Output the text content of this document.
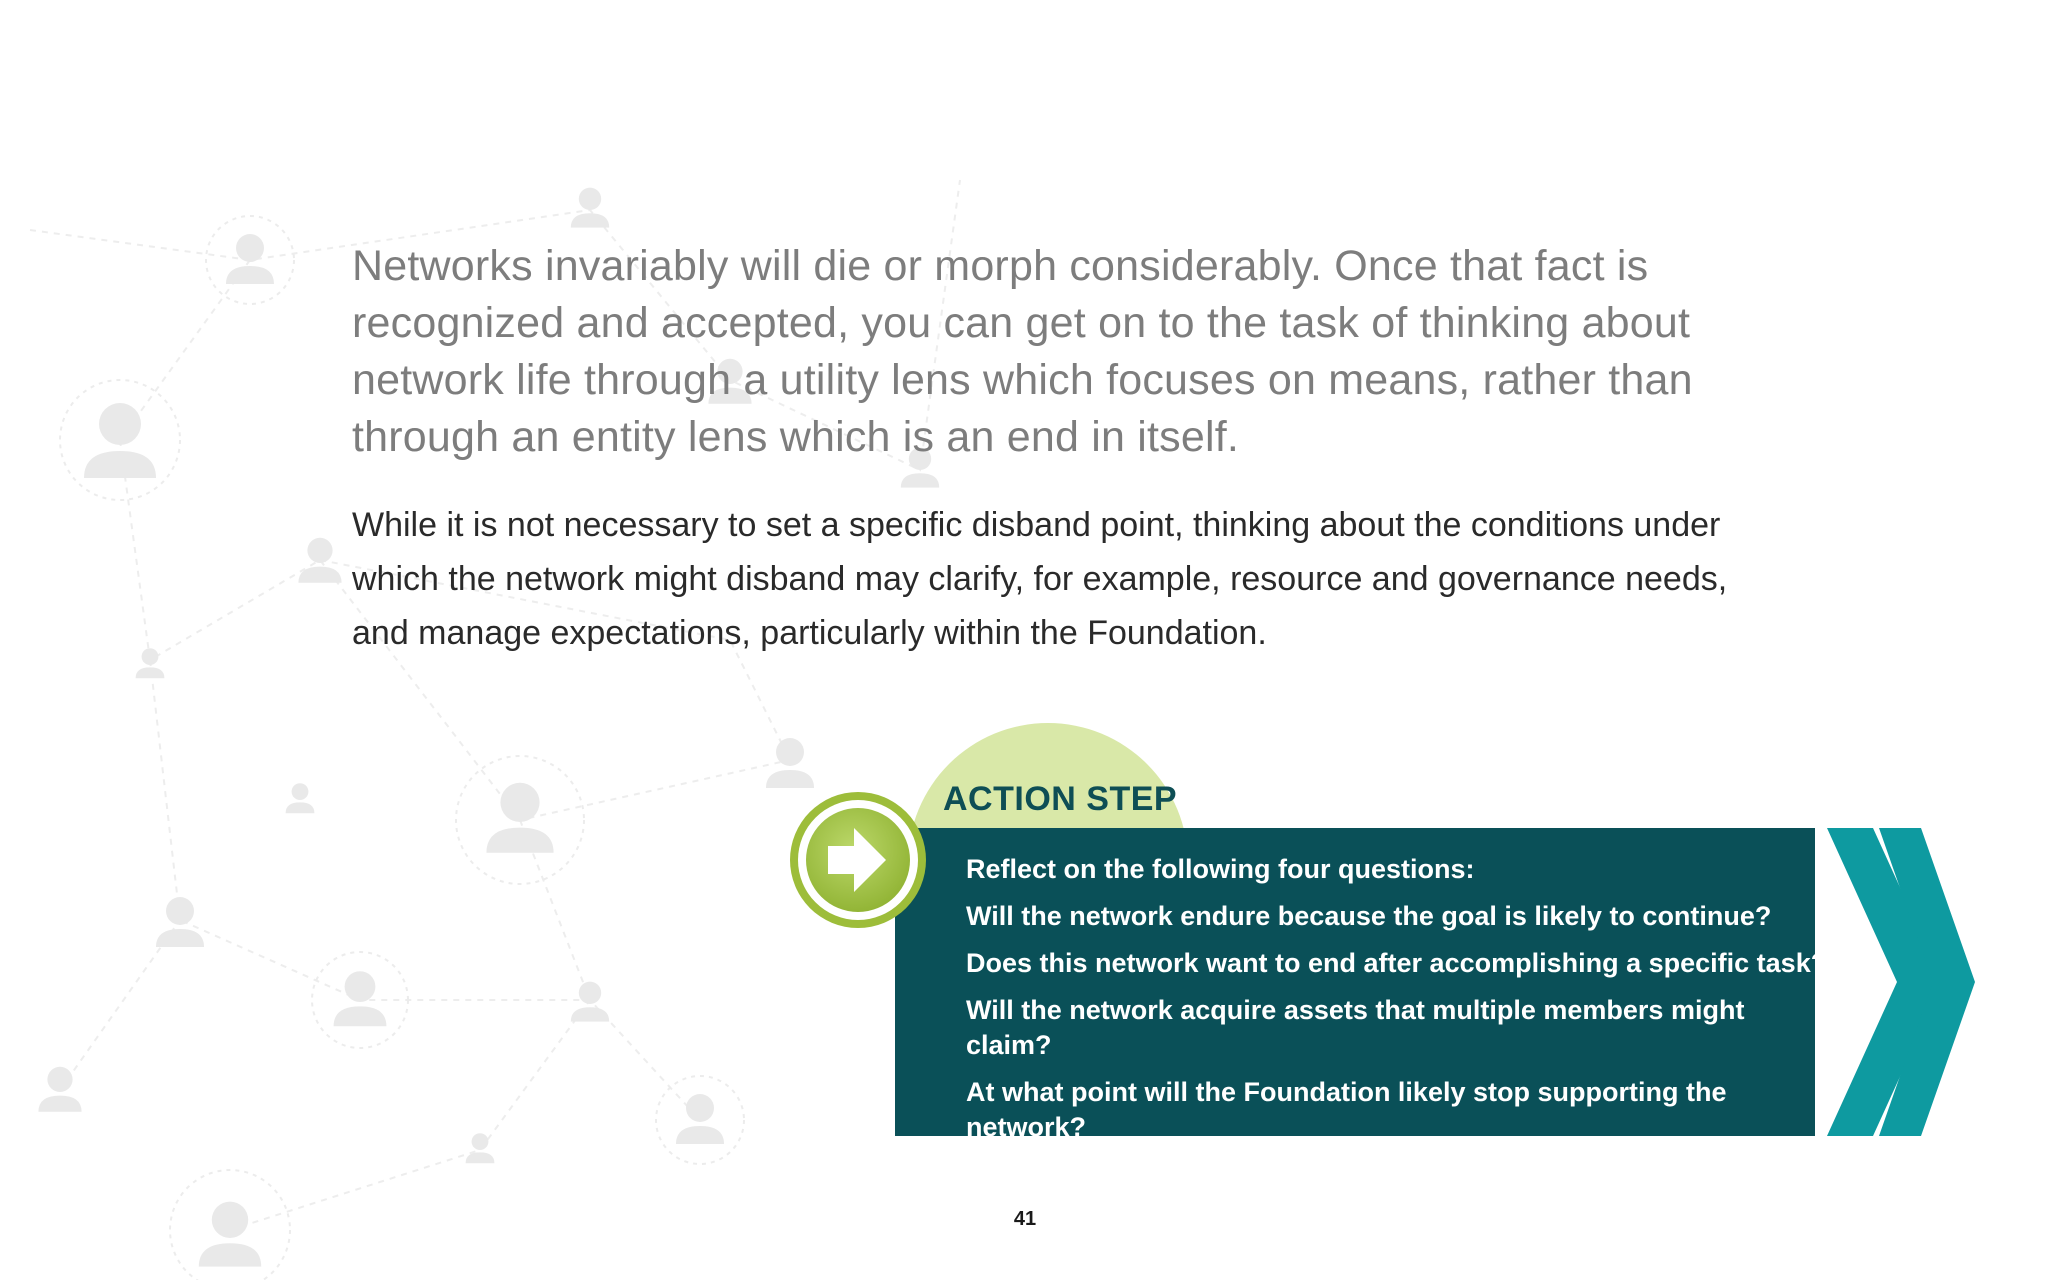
Networks invariably will die or morph considerably. Once that fact is recognized and accepted, you can get on to the task of thinking about network life through a utility lens which focuses on means, rather than through an entity lens which is an end in itself.

While it is not necessary to set a specific disband point, thinking about the conditions under which the network might disband may clarify, for example, resource and governance needs, and manage expectations, particularly within the Foundation.

ACTION STEP
Reflect on the following four questions:
Will the network endure because the goal is likely to continue?
Does this network want to end after accomplishing a specific task?
Will the network acquire assets that multiple members might claim?
At what point will the Foundation likely stop supporting the network?
41
